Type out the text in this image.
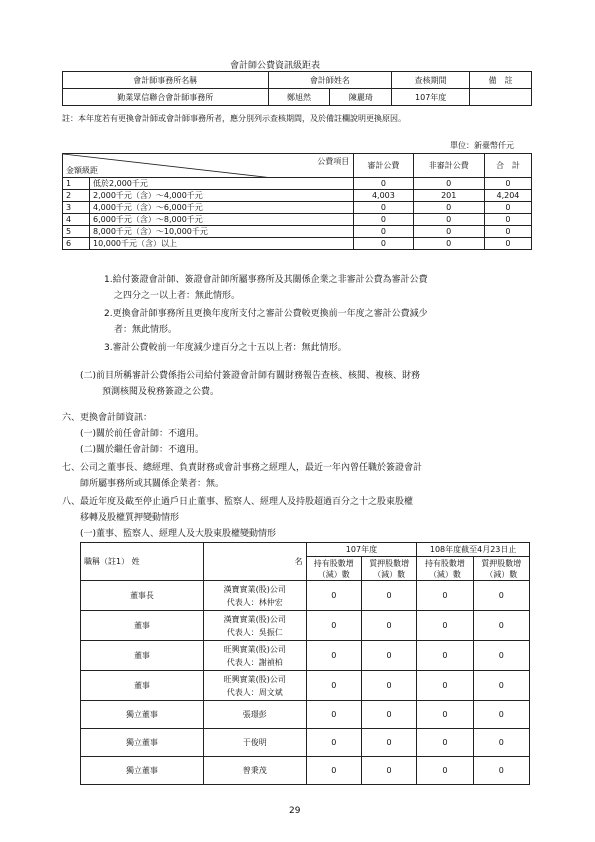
會計師公費資訊級距表
會計師事務所名稱	會計師姓名		查核期間	備　註
勤業眾信聯合會計師事務所	鄭旭然	陳麗琦	107年度	
註：本年度若有更換會計師或會計師事務所者，應分別列示查核期間，及於備註欄說明更換原因。
單位：新臺幣仟元
公費項目
金額級距		審計公費	非審計公費	合　計
1	低於2,000千元	0	0	0
2	2,000千元（含）～4,000千元	4,003	201	4,204
3	4,000千元（含）～6,000千元	0	0	0
4	6,000千元（含）～8,000千元	0	0	0
5	8,000千元（含）～10,000千元	0	0	0
6	10,000千元（含）以上	0	0	0
1.給付簽證會計師、簽證會計師所屬事務所及其關係企業之非審計公費為審計公費
之四分之一以上者：無此情形。
2.更換會計師事務所且更換年度所支付之審計公費較更換前一年度之審計公費減少
者：無此情形。
3.審計公費較前一年度減少達百分之十五以上者：無此情形。
(二)前目所稱審計公費係指公司給付簽證會計師有關財務報告查核、核閱、複核、財務
預測核閱及稅務簽證之公費。
六、更換會計師資訊：
(一)關於前任會計師：不適用。
(二)關於繼任會計師：不適用。
七、公司之董事長、總經理、負責財務或會計事務之經理人，最近一年內曾任職於簽證會計
師所屬事務所或其關係企業者：無。
八、最近年度及截至停止過戶日止董事、監察人、經理人及持股超過百分之十之股東股權
移轉及股權質押變動情形
(一)董事、監察人、經理人及大股東股權變動情形
職稱（註1） 姓	名	107年度		108年度截至4月23日止	
		持有股數增（減）數	質押股數增（減）數	持有股數增（減）數	質押股數增（減）數
董事長	漢寶實業(股)公司
代表人：林仲宏	0	0	0	0
董事	漢寶實業(股)公司
代表人：吳振仁	0	0	0	0
董事	旺興實業(股)公司
代表人：謝禎柏	0	0	0	0
董事	旺興實業(股)公司
代表人：周文斌	0	0	0	0
獨立董事	張璟彭	0	0	0	0
獨立董事	于俊明	0	0	0	0
獨立董事	曾秉茂	0	0	0	0
29
